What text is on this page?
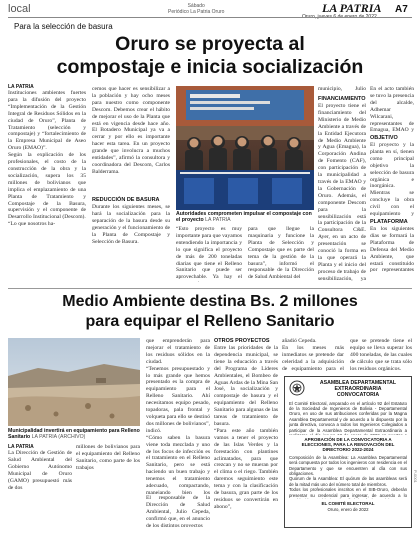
local	Sábado
Periódico La Patria Oruro	LA PATRIA A7
Para la selección de basura
Oruro se proyecta al
compostaje e inicia socialización
LA PATRIA
Instituciones ambientes fuertes para la difusión del proyecto “Implementación de la Gestión Integral de Residuos Sólidos en la ciudad de Oruro”, Planta de Tratamiento (selección y compostaje) y “fortalecimiento de la Empresa Municipal de Aseo Oruro (EMAO)”.
Según la explicación de los profesionales, el costo de la construcción de la obra y la socialización, supera los 35 millones de bolivianos que implica el emplazamiento de una Planta de Tratamiento y Compostaje de la Basura, supervisión y el componente de Desarrollo Institucional (Descom).
“Lo que nosotros ha-
cemos que hacer es sensibilizar a la población y hay ocho meses para nuestro como componente Descom. Debemos crear el hábito de mejorar el uso de la Planta que está en vigencia desde hace año. El Botadero Municipal ya va a cerrar y por ello es importante hacer esta tarea. En un proyecto grande que involucra a muchos entidades”, afirmó la consultora y coordinadora del Descom, Carlos Balderrama.
REDUCCIÓN DE BASURA
Durante los siguientes meses, se hará la socialización para la separación de la basura desde su generación y el funcionamiento de la Planta de Compostaje y Selección de Basura.
Autoridades comprometen impulsar el compostaje con el proyecto LA PATRIA
“Esto proyecto es muy importante para que vayamos entendiendo la importancia y lo que significa el proyecto de más de 200 toneladas diarias que tiene el Relleno Sanitario que puede ser aprovechable. Ya hay el
para que llegue la maquinaria y funcione la Planta de Selección y Compostaje que es parte del tema de la gestión de la basura”, informó el responsable de la Dirección de Salud Ambiental del
municipio, Julio
FINANCIAMIENTO
El proyecto tiene el financiamiento del Ministerio de Medio Ambiente a través de la Entidad Ejecutora de Medio Ambiente y Agua (Emagua), la Corporación Andina de Fomento (CAF), con participación de la municipalidad a través de la EMAO y la Gobernación de Oruro. Además, el componente Descom para la sensibilización está la participación de la Consultora C&E. Ayer, en un acto de presentación se conoció la forma en la que operará la Planta y el inicio del proceso de trabajo de sensibilización, ya
En el acto también se tuvo la presencia del alcalde, Adhemar Wilcarani, representantes de Emagua, EMAO y
OBJETIVO
El proyecto y la planta en sí, tienen como principal objetivo la selección de basura orgánica e inorgánica. Mientras se concluye la obra civil con el equipamiento y
PLATAFORMA
En los siguientes días se formará la Plataforma de Defensa del Medio Ambiente, que estará constituido por representantes
Medio Ambiente destina Bs. 2 millones
para equipar el Relleno Sanitario
Municipalidad invertirá en equipamiento para Relleno Sanitario LA PATRIA (ARCHIVO)
LA PATRIA
La Dirección de Gestión de Salud Ambiental del Gobierno Autónomo Municipal de Oruro (GAMO) presupuestó más de dos
millones de bolivianos para el equipamiento del Relleno Sanitario, como parte de los trabajos
que emprenderán para mejorar el tratamiento de los residuos sólidos en la ciudad.
“Tenemos presupuestado y lo más grande que hemos presentado es la compra de equipamiento para el Relleno Sanitario. Ahí necesitamos equipo pesado, topadoras, pala frontal y volqueta para ello se destinó dos millones de bolivianos”, indicó.
“Cómo saben la basura viene toda mezclada y uno de los focos de infección es el tratamiento en el Relleno Sanitario, pero se está haciendo un buen trabajo y tenemos el tratamiento adecuado, compactando, manejando bien los
El responsable de la Dirección de Salud Ambiental, Julio Cepeda, confirmó que, en el anuncio de los distintos proyectos
OTROS PROYECTOS
Entre las prioridades de la dependencia municipal, se tiene la educación a través del Programa de Líderes Ambientales, el Bombeo de Aguas Ardas de la Mina San José, la socialización y compostaje de basura y el equipamiento del Relleno Sanitario para algunas de las tareas de tratamiento de basura.
“Para este año también vamos a tener el proyecto de las Islas Verdes y la forestación con plantines aclimatados, para que crezcan y no se mueran por el clima o el riego. También daremos seguimiento este tema y con la clasificación de basura, gran parte de los residuos se convertirán en abono”,
añadió Cepeda.
En los meses más inmediatos se pretende dar celeridad a la adquisición de equipamiento para el
que se pretende tiene el equipo se lleva superar los 400 toneladas, de las cuales de cálculo que se trata sólo los residuos orgánicos.
ASAMBLEA DEPARTAMENTAL
EXTRAORDINARIA
CONVOCATORIA
El Comité Electoral, amparado en el artículo 92 del Estatuto de la Sociedad de Ingenieros de Bolivia - Departamental Oruro, en uso de sus atribuciones conferidas por la Magna Asamblea Departamental y de acuerdo a lo dispuesto por la junta directiva, convoca a todos los Ingenieros Colegiados a participar de la Asamblea Departamental Extraordinaria a
APROBACIÓN DE LA CONVOCATORIA A ELECCIONES, PARA LA RENOVACIÓN DEL DIRECTORIO 2022-2024
Composición de la Asamblea: La Asamblea Departamental será compuesta por todos los ingenieros con residencia en el Departamento y que se encuentren al día con sus obligaciones.
Quórum de la Asamblea: El quórum de las asambleas será de la mitad más uno del número total de miembros.
Todos los profesionales inscritos en el SIB-Oruro, deberán presentar su credencial para ingresar, de acuerdo a lo
EL COMITÉ ELECTORAL
Oruro, enero de 2022
P-0001
